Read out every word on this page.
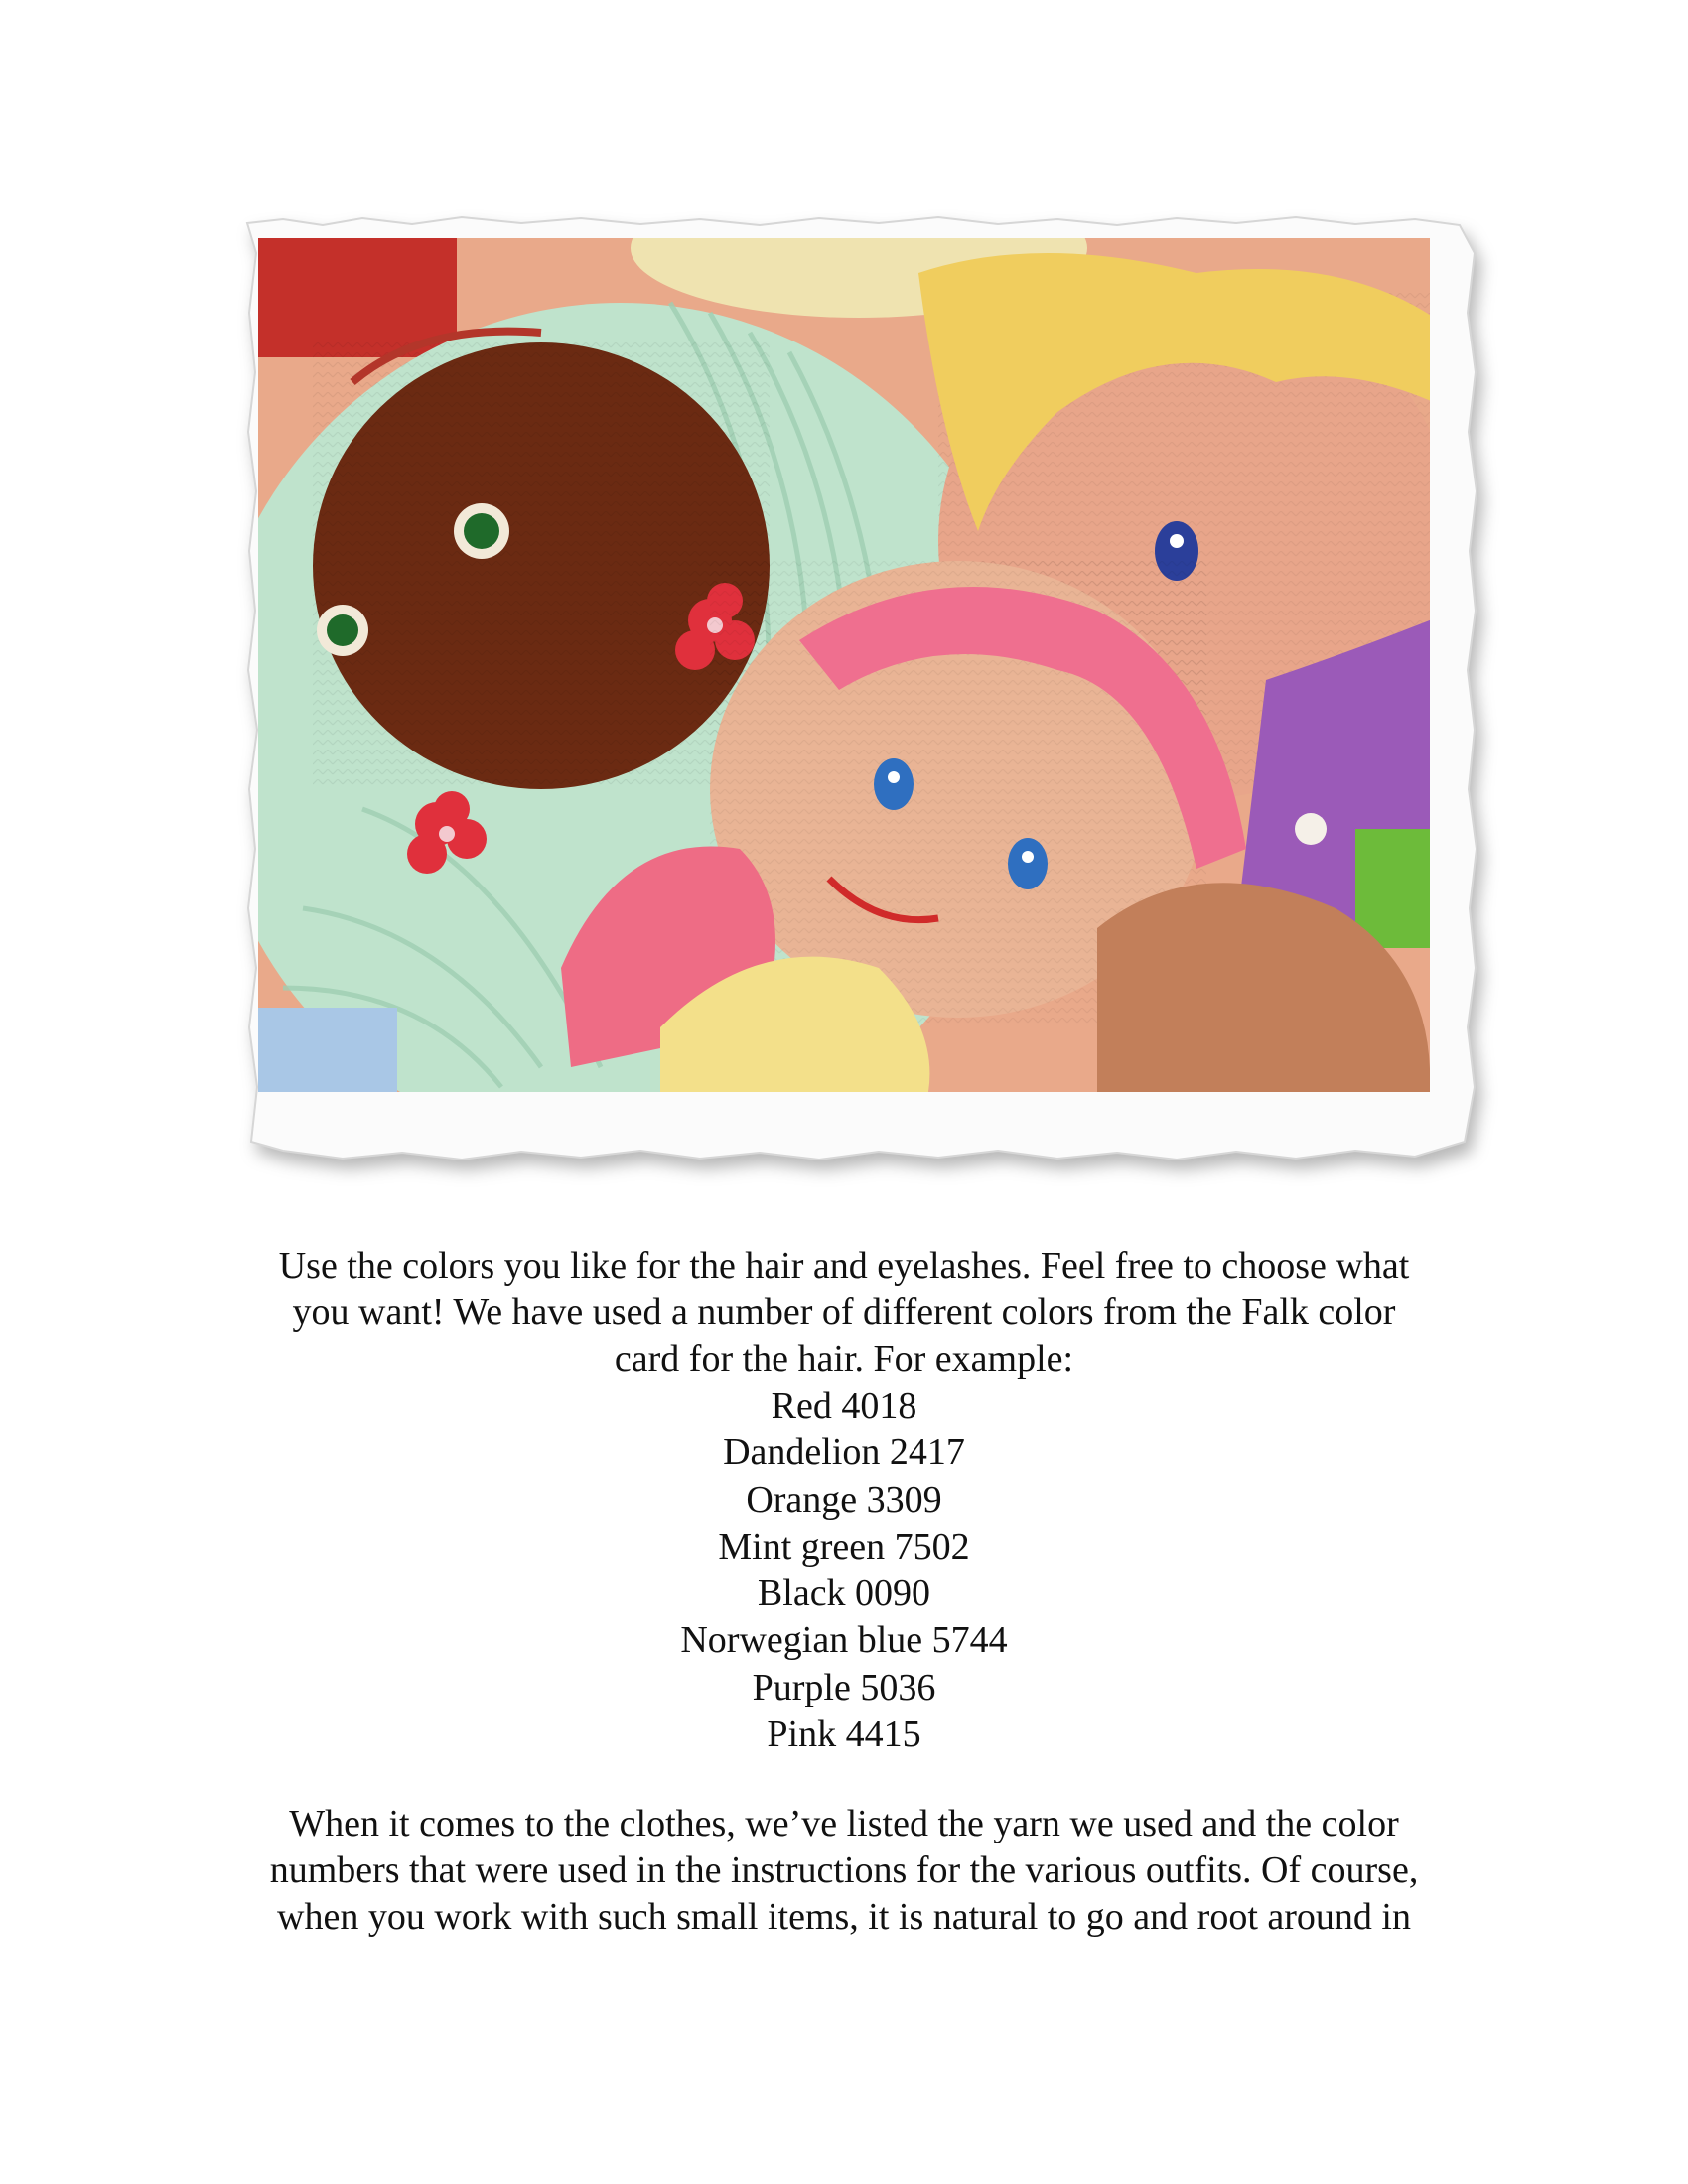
Use the colors you like for the hair and eyelashes. Feel free to choose what
you want! We have used a number of different colors from the Falk color
card for the hair. For example:
Red 4018
Dandelion 2417
Orange 3309
Mint green 7502
Black 0090
Norwegian blue 5744
Purple 5036
Pink 4415
When it comes to the clothes, we’ve listed the yarn we used and the color
numbers that were used in the instructions for the various outfits. Of course,
when you work with such small items, it is natural to go and root around in
